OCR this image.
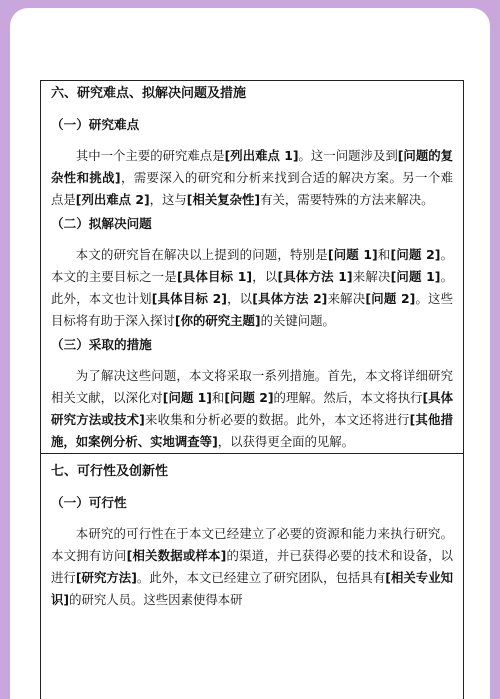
六、研究难点、拟解决问题及措施
（一）研究难点

其中一个主要的研究难点是[列出难点 1]。这一问题涉及到[问题的复杂性和挑战]，需要深入的研究和分析来找到合适的解决方案。另一个难点是[列出难点 2]，这与[相关复杂性]有关，需要特殊的方法来解决。

（二）拟解决问题

本文的研究旨在解决以上提到的问题，特别是[问题 1]和[问题 2]。本文的主要目标之一是[具体目标 1]，以[具体方法 1]来解决[问题 1]。此外，本文也计划[具体目标 2]，以[具体方法 2]来解决[问题 2]。这些目标将有助于深入探讨[你的研究主题]的关键问题。

（三）采取的措施

为了解决这些问题，本文将采取一系列措施。首先，本文将详细研究相关文献，以深化对[问题 1]和[问题 2]的理解。然后，本文将执行[具体研究方法或技术]来收集和分析必要的数据。此外，本文还将进行[其他措施，如案例分析、实地调查等]，以获得更全面的见解。

七、可行性及创新性
（一）可行性

本研究的可行性在于本文已经建立了必要的资源和能力来执行研究。本文拥有访问[相关数据或样本]的渠道，并已获得必要的技术和设备，以进行[研究方法]。此外，本文已经建立了研究团队，包括具有[相关专业知识]的研究人员。这些因素使得本研
